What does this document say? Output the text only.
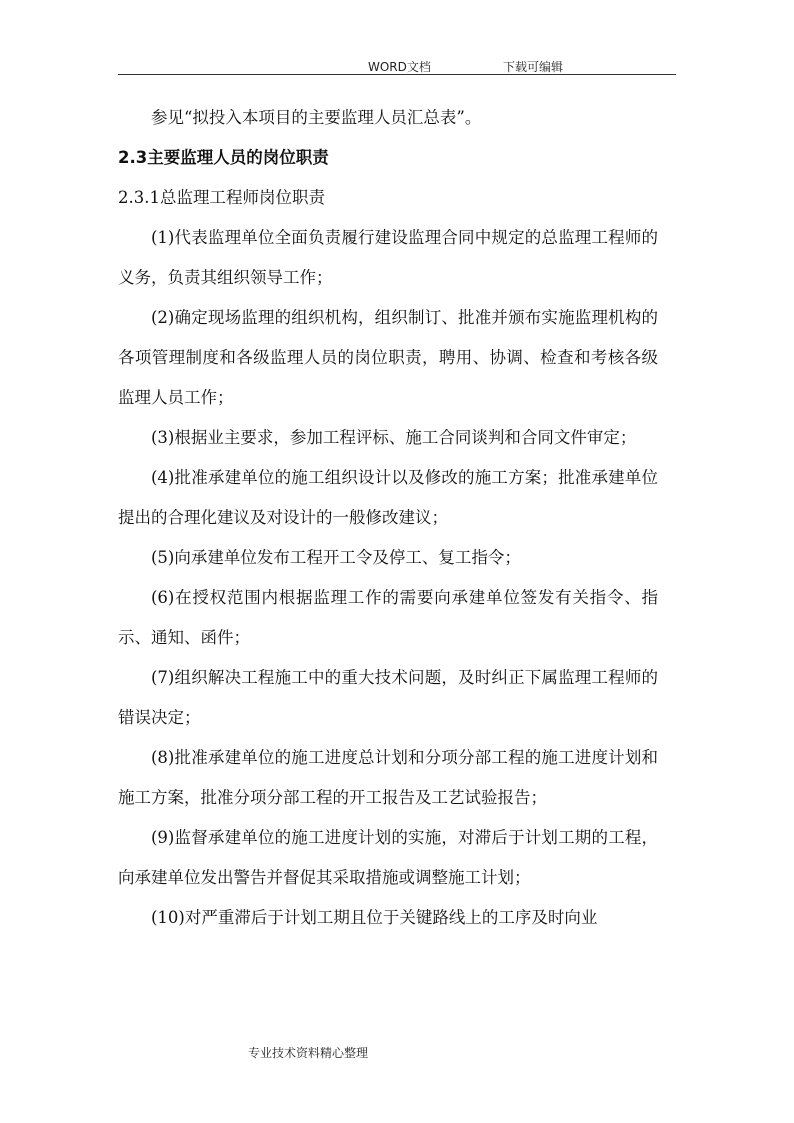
WORD文档	下载可编辑

参见“拟投入本项目的主要监理人员汇总表”。

2.3主要监理人员的岗位职责

2.3.1总监理工程师岗位职责

(1)代表监理单位全面负责履行建设监理合同中规定的总监理工程师的义务，负责其组织领导工作；

(2)确定现场监理的组织机构，组织制订、批准并颁布实施监理机构的各项管理制度和各级监理人员的岗位职责，聘用、协调、检查和考核各级监理人员工作；

(3)根据业主要求，参加工程评标、施工合同谈判和合同文件审定；

(4)批准承建单位的施工组织设计以及修改的施工方案；批准承建单位提出的合理化建议及对设计的一般修改建议；

(5)向承建单位发布工程开工令及停工、复工指令；

(6)在授权范围内根据监理工作的需要向承建单位签发有关指令、指示、通知、函件；

(7)组织解决工程施工中的重大技术问题，及时纠正下属监理工程师的错误决定；

(8)批准承建单位的施工进度总计划和分项分部工程的施工进度计划和施工方案，批准分项分部工程的开工报告及工艺试验报告；

(9)监督承建单位的施工进度计划的实施，对滞后于计划工期的工程，向承建单位发出警告并督促其采取措施或调整施工计划；

(10)对严重滞后于计划工期且位于关键路线上的工序及时向业

专业技术资料精心整理
